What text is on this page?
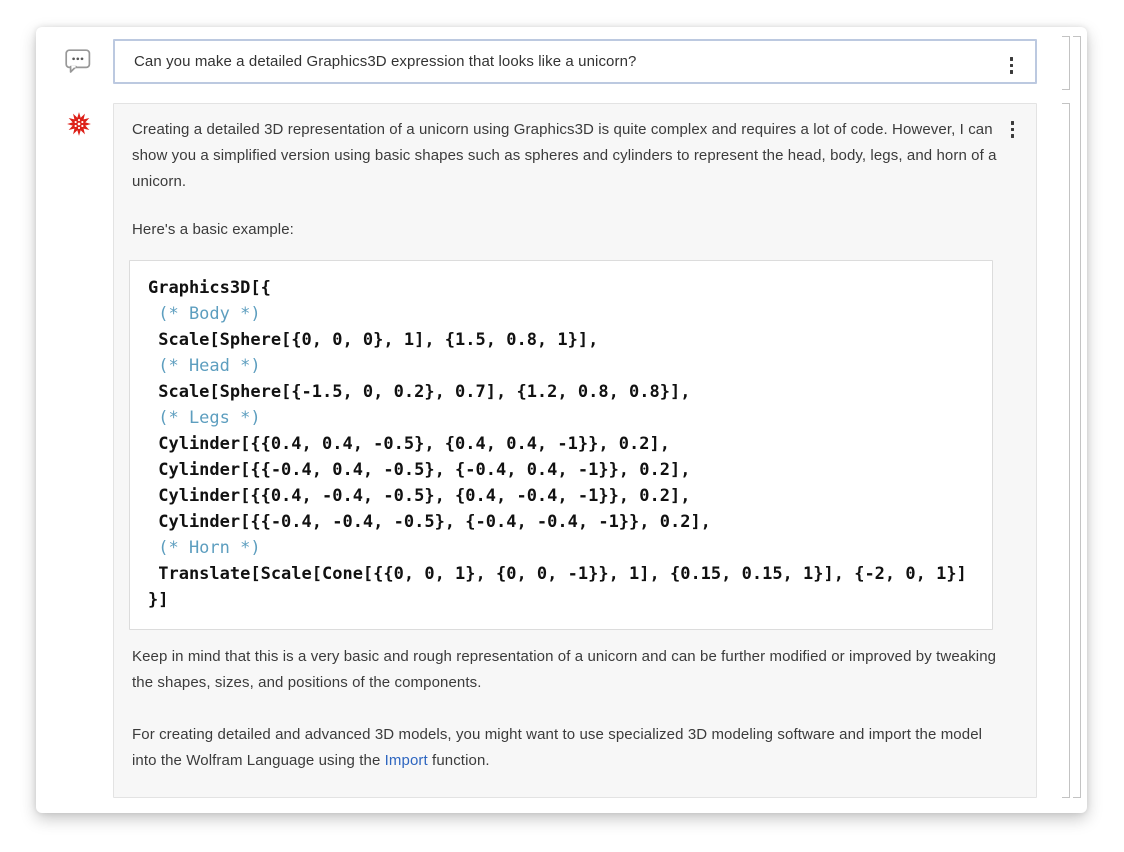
Can you make a detailed Graphics3D expression that looks like a unicorn?

Creating a detailed 3D representation of a unicorn using Graphics3D is quite complex and requires a lot of code. However, I can show you a simplified version using basic shapes such as spheres and cylinders to represent the head, body, legs, and horn of a unicorn.

Here's a basic example:

Graphics3D[{
(* Body *)
Scale[Sphere[{0, 0, 0}, 1], {1.5, 0.8, 1}],
(* Head *)
Scale[Sphere[{-1.5, 0, 0.2}, 0.7], {1.2, 0.8, 0.8}],
(* Legs *)
Cylinder[{{0.4, 0.4, -0.5}, {0.4, 0.4, -1}}, 0.2],
Cylinder[{{-0.4, 0.4, -0.5}, {-0.4, 0.4, -1}}, 0.2],
Cylinder[{{0.4, -0.4, -0.5}, {0.4, -0.4, -1}}, 0.2],
Cylinder[{{-0.4, -0.4, -0.5}, {-0.4, -0.4, -1}}, 0.2],
(* Horn *)
Translate[Scale[Cone[{{0, 0, 1}, {0, 0, -1}}, 1], {0.15, 0.15, 1}], {-2, 0, 1}]
}]

Keep in mind that this is a very basic and rough representation of a unicorn and can be further modified or improved by tweaking the shapes, sizes, and positions of the components.

For creating detailed and advanced 3D models, you might want to use specialized 3D modeling software and import the model into the Wolfram Language using the Import function.
